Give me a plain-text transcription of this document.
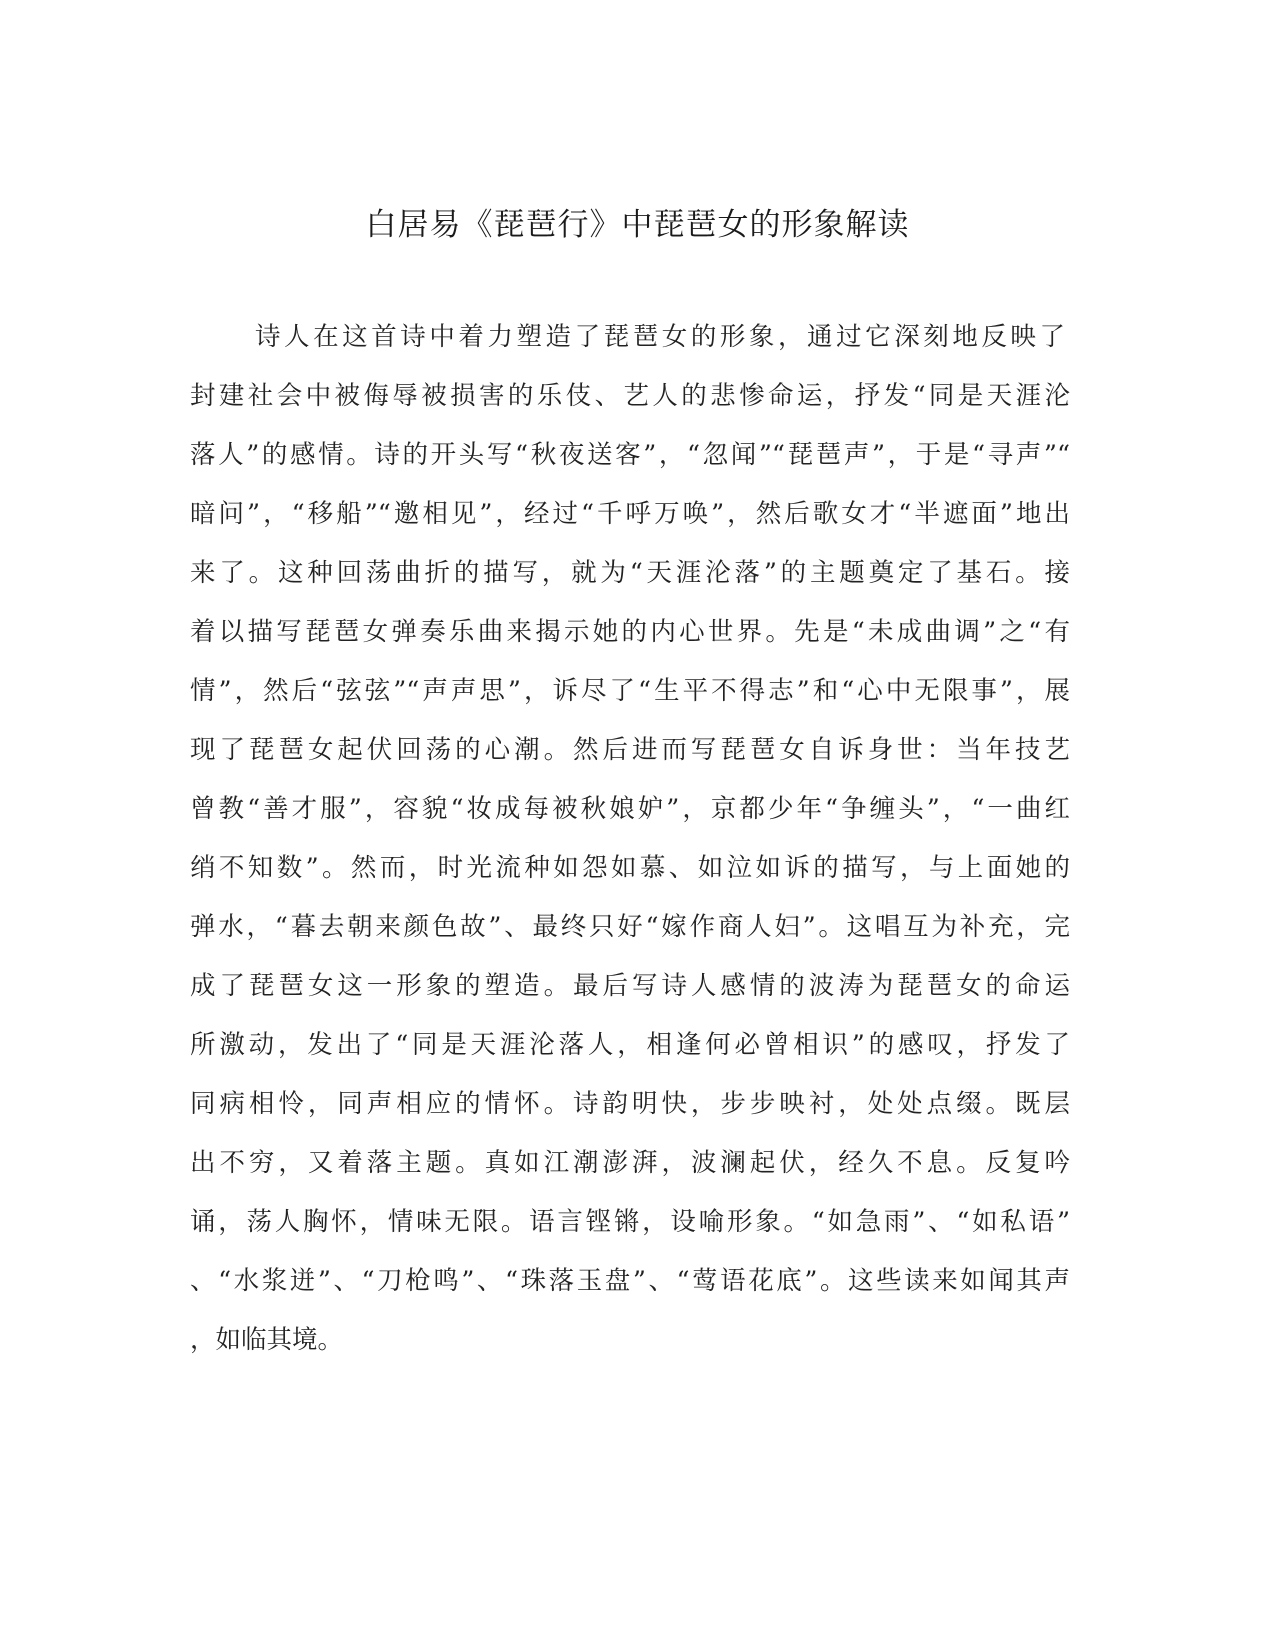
白居易《琵琶行》中琵琶女的形象解读

诗人在这首诗中着力塑造了琵琶女的形象，通过它深刻地反映了

封建社会中被侮辱被损害的乐伎、艺人的悲惨命运，抒发“同是天涯沦

落人”的感情。诗的开头写“秋夜送客”，“忽闻”“琵琶声”，于是“寻声”“

暗问”，“移船”“邀相见”，经过“千呼万唤”，然后歌女才“半遮面”地出

来了。这种回荡曲折的描写，就为“天涯沦落”的主题奠定了基石。接

着以描写琵琶女弹奏乐曲来揭示她的内心世界。先是“未成曲调”之“有

情”，然后“弦弦”“声声思”，诉尽了“生平不得志”和“心中无限事”，展

现了琵琶女起伏回荡的心潮。然后进而写琵琶女自诉身世：当年技艺

曾教“善才服”，容貌“妆成每被秋娘妒”，京都少年“争缠头”，“一曲红

绡不知数”。然而，时光流种如怨如慕、如泣如诉的描写，与上面她的

弹水，“暮去朝来颜色故”、最终只好“嫁作商人妇”。这唱互为补充，完

成了琵琶女这一形象的塑造。最后写诗人感情的波涛为琵琶女的命运

所激动，发出了“同是天涯沦落人，相逢何必曾相识”的感叹，抒发了

同病相怜，同声相应的情怀。诗韵明快，步步映衬，处处点缀。既层

出不穷，又着落主题。真如江潮澎湃，波澜起伏，经久不息。反复吟

诵，荡人胸怀，情味无限。语言铿锵，设喻形象。“如急雨”、“如私语”

、“水浆迸”、“刀枪鸣”、“珠落玉盘”、“莺语花底”。这些读来如闻其声

，如临其境。
